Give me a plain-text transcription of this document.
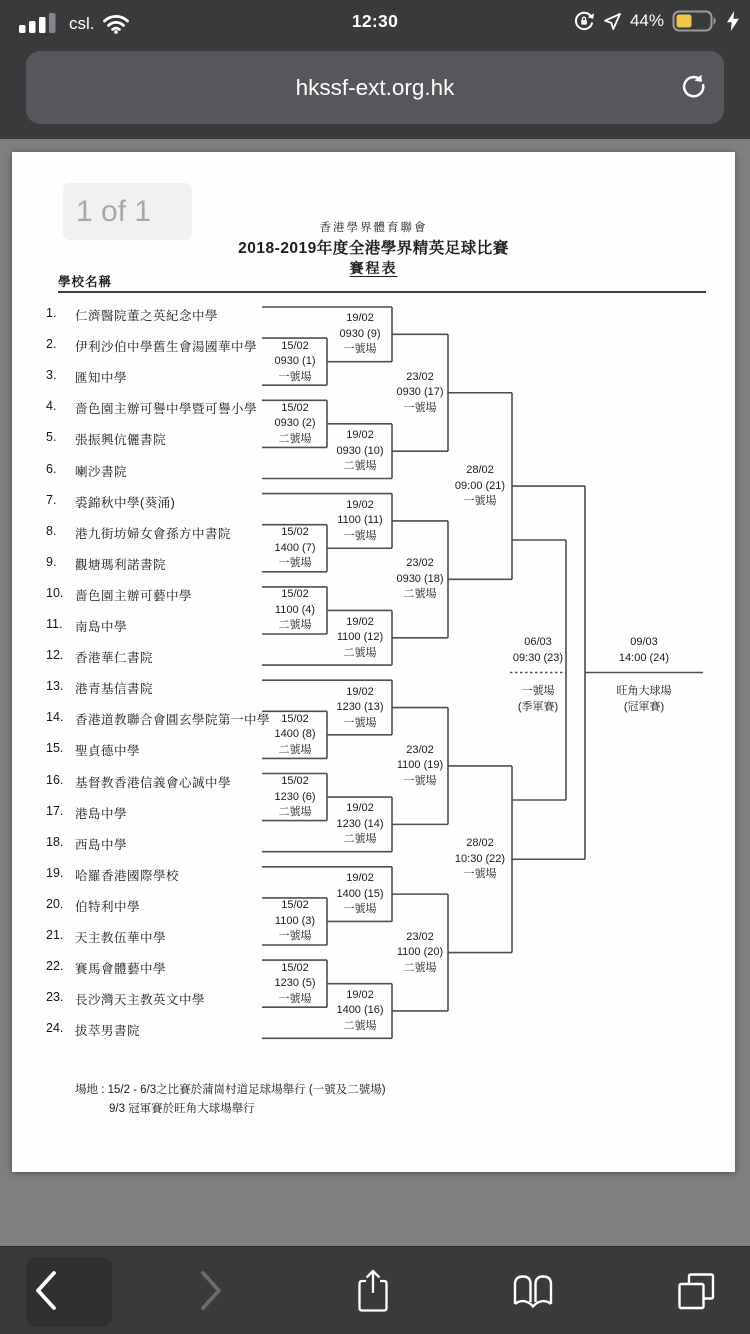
csl.	12:30	44%
hkssf-ext.org.hk
1 of 1	香港學界體育聯會
2018-2019年度全港學界精英足球比賽
賽程表
學校名稱
1.	仁濟醫院董之英紀念中學
2.	伊利沙伯中學舊生會湯國華中學
3.	匯知中學
4.	嗇色園主辦可譽中學暨可譽小學
5.	張振興伉儷書院
6.	喇沙書院
7.	裘錦秋中學(葵涌)
8.	港九街坊婦女會孫方中書院
9.	觀塘瑪利諾書院
10. 嗇色園主辦可藝中學
11.	南島中學
12. 香港華仁書院
13. 港青基信書院
14. 香港道教聯合會圓玄學院第一中學
15. 聖貞德中學
16. 基督教香港信義會心誠中學
17. 港島中學
18. 西島中學
19. 哈羅香港國際學校
20. 伯特利中學
21. 天主教伍華中學
22. 賽馬會體藝中學
23. 長沙灣天主教英文中學
24. 拔萃男書院
15/02
0930 (1)
一號場
15/02
0930 (2)
二號場
15/02
1400 (7)
一號場
15/02
1100 (4)
二號場
15/02
1400 (8)
二號場
15/02
1230 (6)
二號場
15/02
1100 (3)
一號場
15/02
1230 (5)
一號場
19/02
0930 (9)
一號場
19/02
0930 (10)
二號場
19/02
1100 (11)
一號場
19/02
1100 (12)
二號場
19/02
1230 (13)
一號場
19/02
1230 (14)
二號場
19/02
1400 (15)
一號場
19/02
1400 (16)
二號場
23/02
0930 (17)
一號場
23/02
0930 (18)
二號場
23/02
1100 (19)
一號場
23/02
1100 (20)
二號場
28/02
09:00 (21)
一號場
28/02
10:30 (22)
一號場
06/03
09:30 (23)
一號場
(季軍賽)
09/03
14:00 (24)
旺角大球場
(冠軍賽)
場地 : 15/2 - 6/3之比賽於蒲崗村道足球場舉行 (一號及二號場)
9/3 冠軍賽於旺角大球場舉行
